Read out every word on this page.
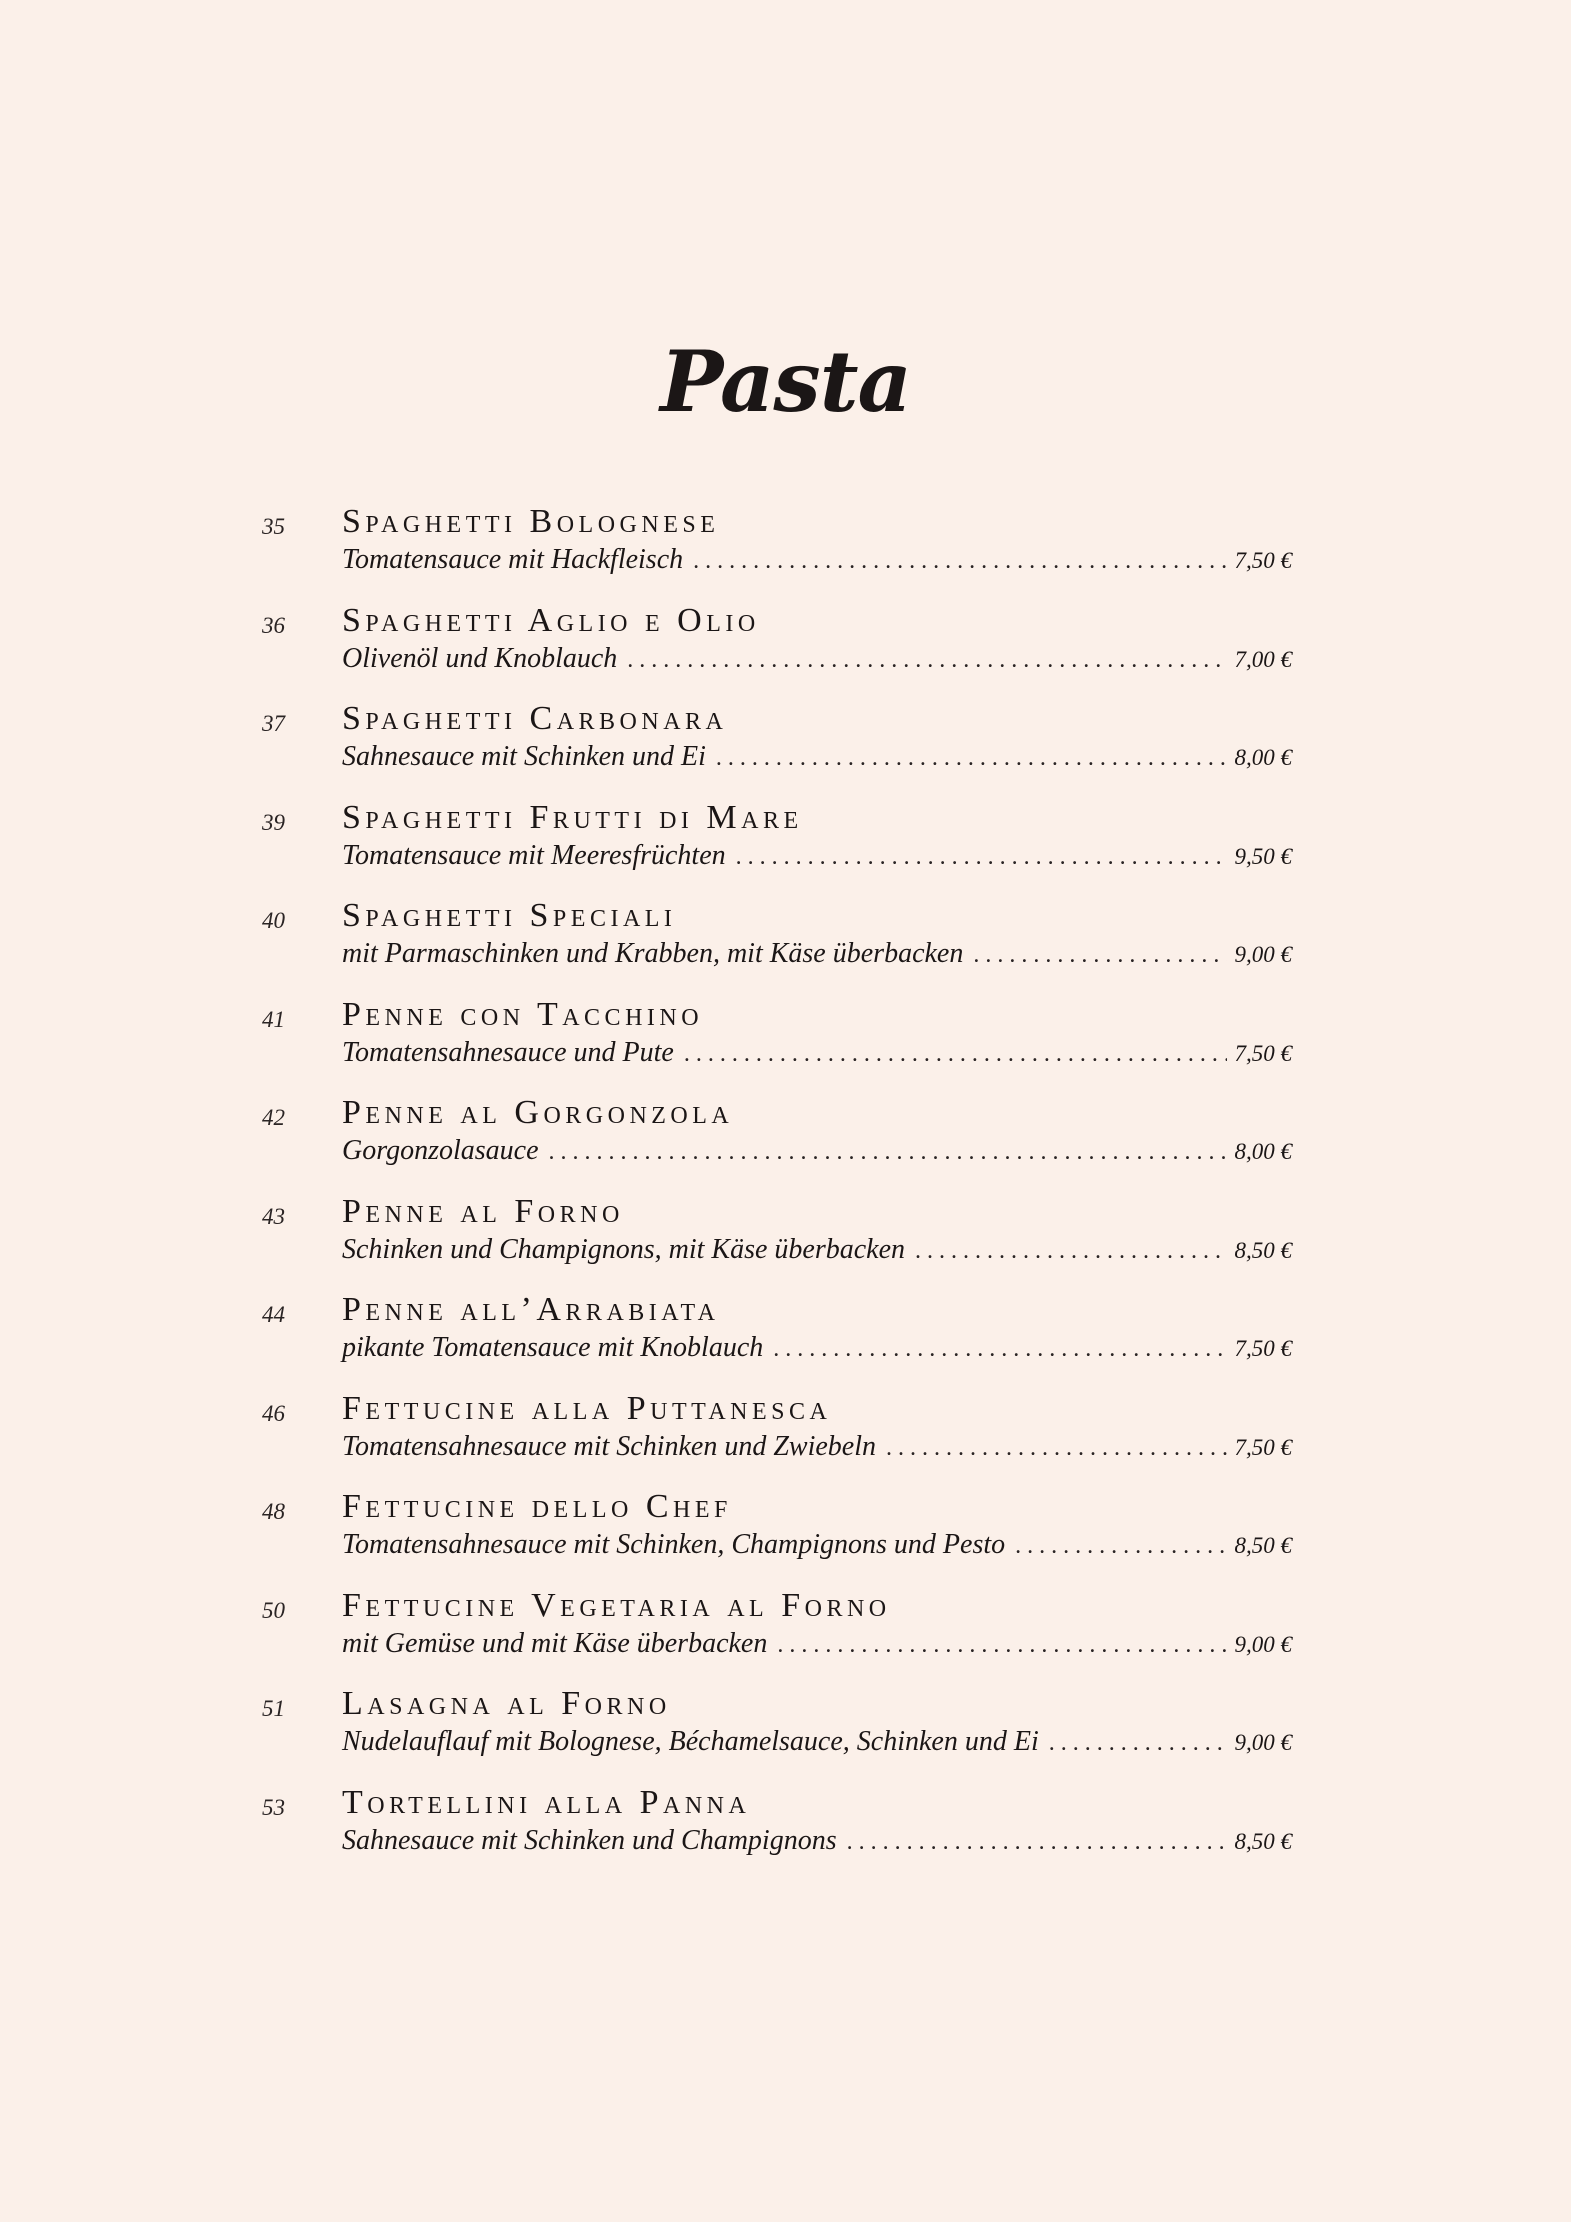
Pasta
35 Spaghetti Bolognese
Tomatensauce mit Hackfleisch . . .	7,50 €
36 Spaghetti Aglio e Olio
Olivenöl und Knoblauch . . .	7,00 €
37 Spaghetti Carbonara
Sahnesauce mit Schinken und Ei . . .	8,00 €
39 Spaghetti Frutti di Mare
Tomatensauce mit Meeresfrüchten . . .	9,50 €
40 Spaghetti Speciali
mit Parmaschinken und Krabben, mit Käse überbacken . . .	9,00 €
41 Penne con Tacchino
Tomatensahnesauce und Pute . . .	7,50 €
42 Penne al Gorgonzola
Gorgonzolasauce . . .	8,00 €
43 Penne al Forno
Schinken und Champignons, mit Käse überbacken . . .	8,50 €
44 Penne all’Arrabiata
pikante Tomatensauce mit Knoblauch . . .	7,50 €
46 Fettucine alla Puttanesca
Tomatensahnesauce mit Schinken und Zwiebeln . . .	7,50 €
48 Fettucine dello Chef
Tomatensahnesauce mit Schinken, Champignons und Pesto . . .	8,50 €
50 Fettucine Vegetaria al Forno
mit Gemüse und mit Käse überbacken . . .	9,00 €
51 Lasagna al Forno
Nudelauflauf mit Bolognese, Béchamelsauce, Schinken und Ei . . .	9,00 €
53 Tortellini alla Panna
Sahnesauce mit Schinken und Champignons . . .	8,50 €
